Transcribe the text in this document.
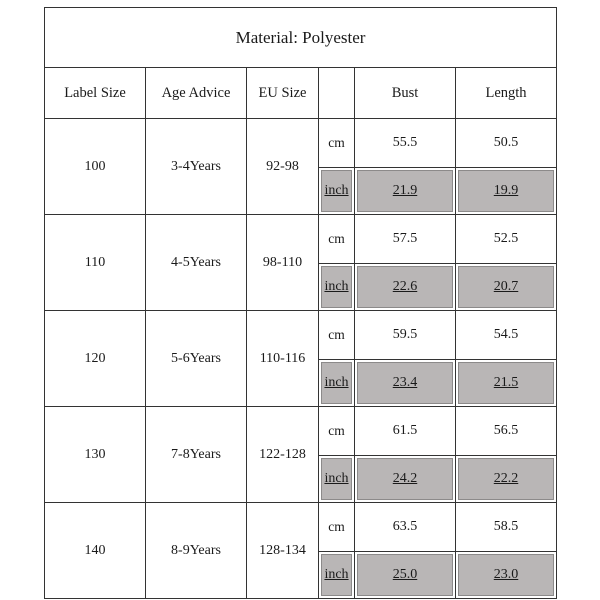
Material: Polyester					
Label Size	Age Advice	EU Size		Bust	Length
100	3-4Years	92-98	cm	55.5	50.5

			inch	21.9	19.9

110	4-5Years	98-110	cm	57.5	52.5

			inch	22.6	20.7

120	5-6Years	110-116	cm	59.5	54.5

			inch	23.4	21.5

130	7-8Years	122-128	cm	61.5	56.5

			inch	24.2	22.2

140	8-9Years	128-134	cm	63.5	58.5

			inch	25.0	23.0
